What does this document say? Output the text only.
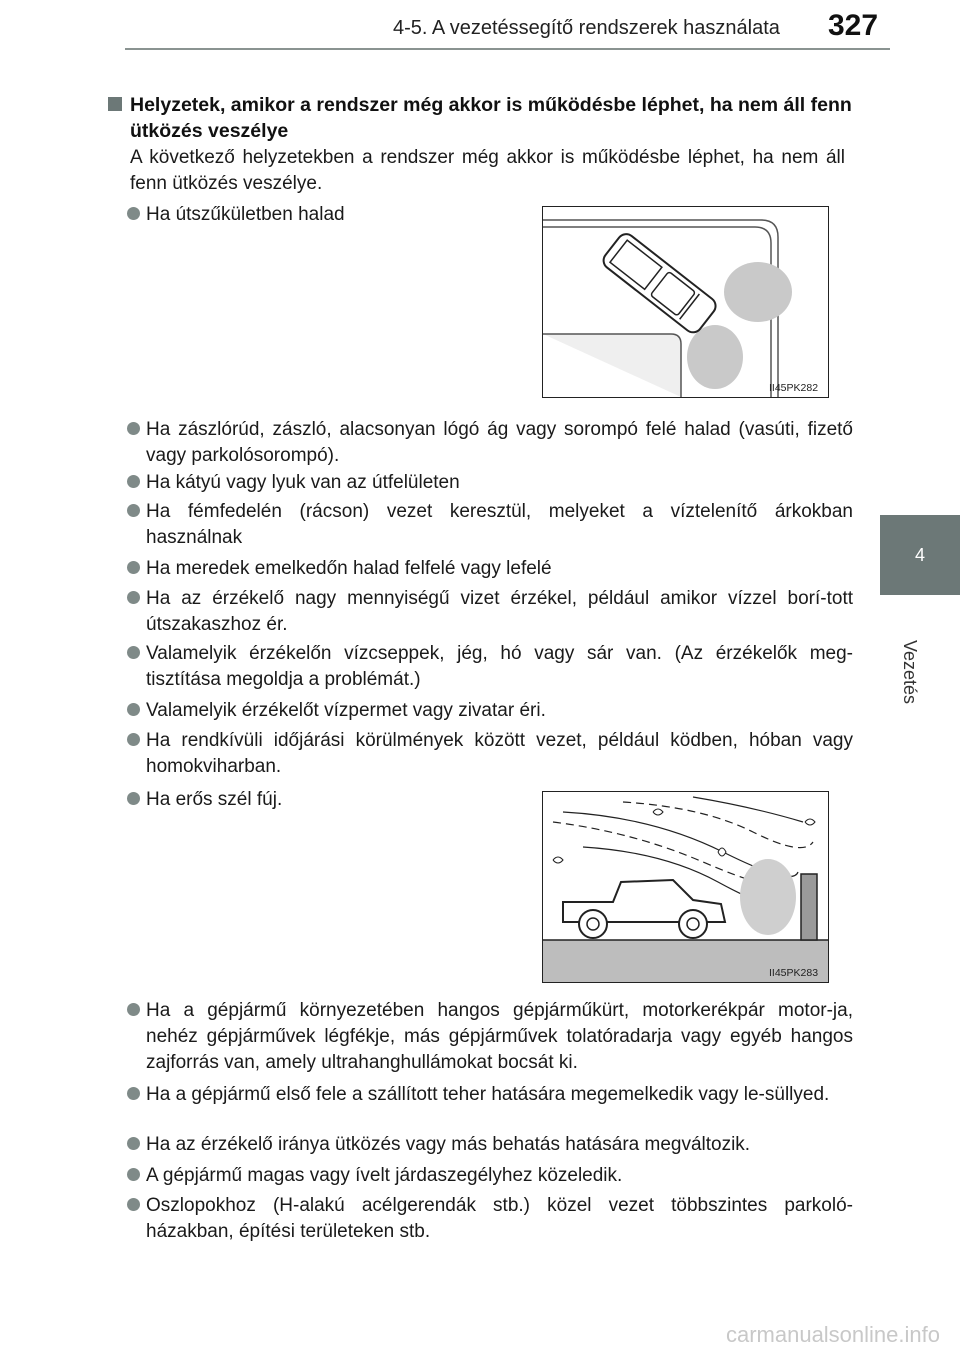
4-5. A vezetéssegítő rendszerek használata 327
4
Vezetés
Helyzetek, amikor a rendszer még akkor is működésbe léphet, ha nem áll fenn ütközés veszélye
A következő helyzetekben a rendszer még akkor is működésbe léphet, ha nem áll fenn ütközés veszélye.
Ha útszűkületben halad
II45PK282
Ha zászlórúd, zászló, alacsonyan lógó ág vagy sorompó felé halad (vasúti, fizető vagy parkolósorompó).
Ha kátyú vagy lyuk van az útfelületen
Ha fémfedelén (rácson) vezet keresztül, melyeket a víztelenítő árkokban használnak
Ha meredek emelkedőn halad felfelé vagy lefelé
Ha az érzékelő nagy mennyiségű vizet érzékel, például amikor vízzel borí-tott útszakaszhoz ér.
Valamelyik érzékelőn vízcseppek, jég, hó vagy sár van. (Az érzékelők meg-tisztítása megoldja a problémát.)
Valamelyik érzékelőt vízpermet vagy zivatar éri.
Ha rendkívüli időjárási körülmények között vezet, például ködben, hóban vagy homokviharban.
Ha erős szél fúj.
II45PK283
Ha a gépjármű környezetében hangos gépjárműkürt, motorkerékpár motor-ja, nehéz gépjárművek légfékje, más gépjárművek tolatóradarja vagy egyéb hangos zajforrás van, amely ultrahanghullámokat bocsát ki.
Ha a gépjármű első fele a szállított teher hatására megemelkedik vagy le-süllyed.
Ha az érzékelő iránya ütközés vagy más behatás hatására megváltozik.
A gépjármű magas vagy ívelt járdaszegélyhez közeledik.
Oszlopokhoz (H-alakú acélgerendák stb.) közel vezet többszintes parkoló-házakban, építési területeken stb.
carmanualsonline.info
